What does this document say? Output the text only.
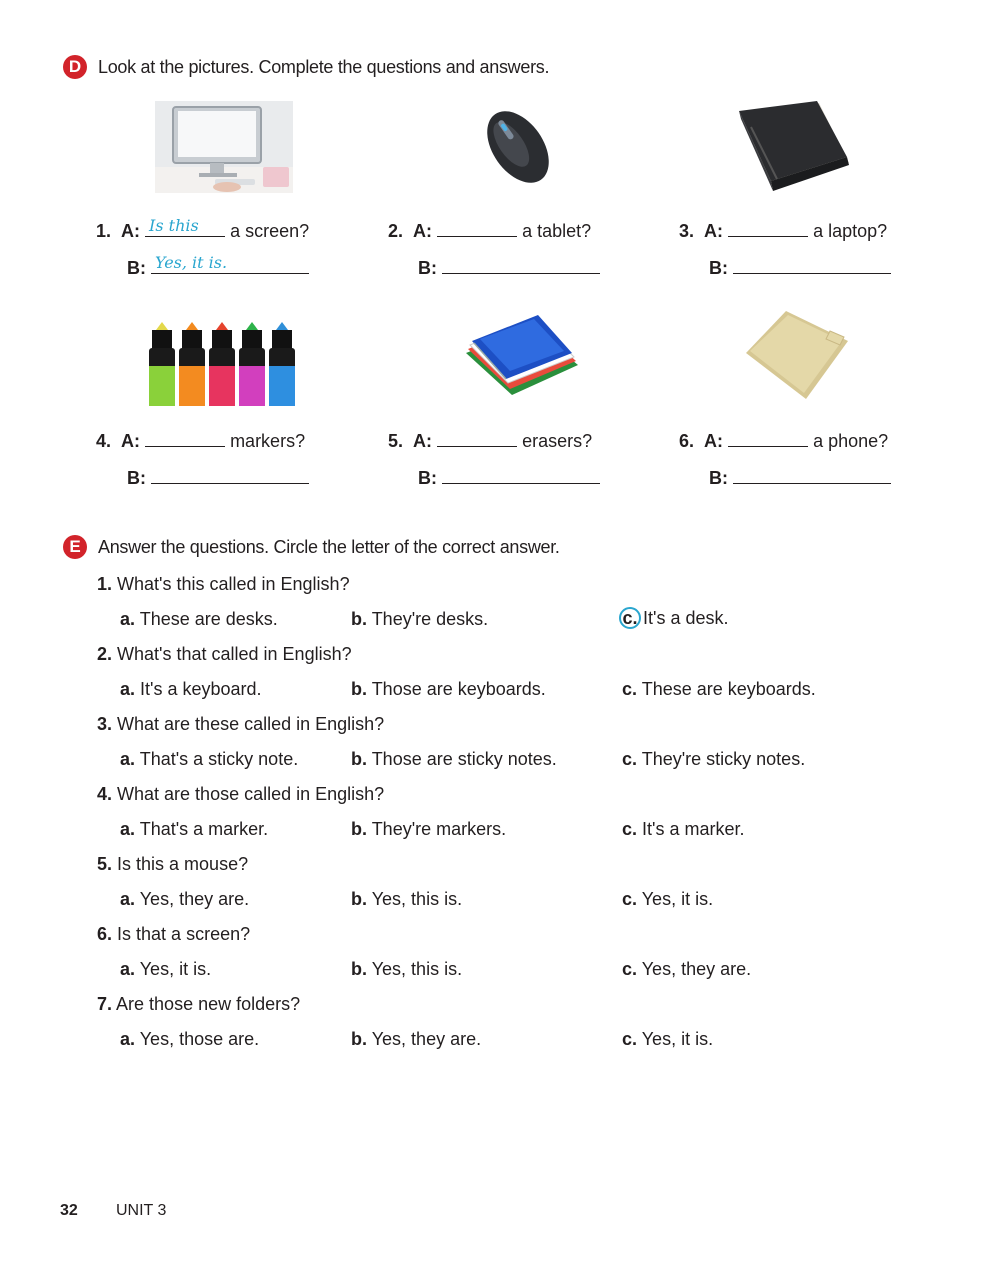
D Look at the pictures. Complete the questions and answers.
1. A: Is this a screen?
B: Yes, it is.
2. A:	a tablet?
B:
3. A:	a laptop?
B:
4. A:	markers?
B:
5. A:	erasers?
B:
6. A:	a phone?
B:
E Answer the questions. Circle the letter of the correct answer.
1. What's this called in English?
a. These are desks.	b. They're desks.	c. It's a desk.
2. What's that called in English?
a. It's a keyboard.	b. Those are keyboards.	c. These are keyboards.
3. What are these called in English?
a. That's a sticky note.	b. Those are sticky notes.	c. They're sticky notes.
4. What are those called in English?
a. That's a marker.	b. They're markers.	c. It's a marker.
5. Is this a mouse?
a. Yes, they are.	b. Yes, this is.	c. Yes, it is.
6. Is that a screen?
a. Yes, it is.	b. Yes, this is.	c. Yes, they are.
7. Are those new folders?
a. Yes, those are.	b. Yes, they are.	c. Yes, it is.
32 UNIT 3
